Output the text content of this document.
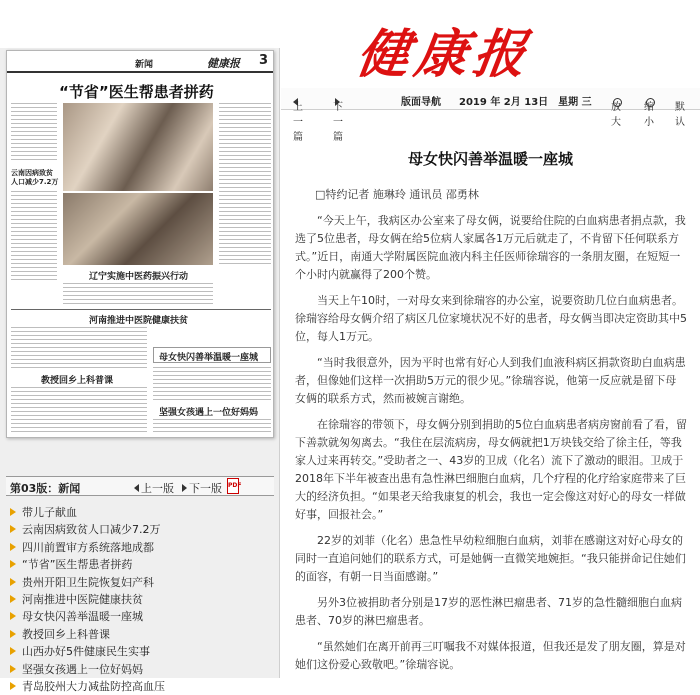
健康报
新闻	健康报 3
“节省”医生帮患者拼药
云南因病致贫人口减少7.2万
辽宁实施中医药振兴行动
河南推进中医院健康扶贫
母女快闪善举温暖一座城
教授回乡上科普课
坚强女孩遇上一位好妈妈
第03版：新闻	上一版	下一版 PDF
带儿子献血
云南因病致贫人口减少7.2万
四川前置审方系统落地成都
“节省”医生帮患者拼药
贵州开阳卫生院恢复妇产科
河南推进中医院健康扶贫
母女快闪善举温暖一座城
教授回乡上科普课
山西办好5件健康民生实事
坚强女孩遇上一位好妈妈
青岛胶州大力减盐防控高血压
上一篇
下一篇
版面导航 2019 年 2月 13日　星期 三 放大
缩小
默认
母女快闪善举温暖一座城
□特约记者 施琳玲 通讯员 邵勇林

“今天上午，我病区办公室来了母女俩，说要给住院的白血病患者捐点款，我选了5位患者，母女俩在给5位病人家属各1万元后就走了，不肯留下任何联系方式。”近日，南通大学附属医院血液内科主任医师徐瑞容的一条朋友圈，在短短一个小时内就赢得了200个赞。

当天上午10时，一对母女来到徐瑞容的办公室，说要资助几位白血病患者。徐瑞容给母女俩介绍了病区几位家境状况不好的患者，母女俩当即决定资助其中5位，每人1万元。

“当时我很意外，因为平时也常有好心人到我们血液科病区捐款资助白血病患者，但像她们这样一次捐助5万元的很少见。”徐瑞容说，他第一反应就是留下母女俩的联系方式，然而被婉言谢绝。

在徐瑞容的带领下，母女俩分别到捐助的5位白血病患者病房窗前看了看，留下善款就匆匆离去。“我住在层流病房，母女俩就把1万块钱交给了徐主任，等我家人过来再转交。”受助者之一、43岁的卫成（化名）流下了激动的眼泪。卫成于2018年下半年被查出患有急性淋巴细胞白血病，几个疗程的化疗给家庭带来了巨大的经济负担。“如果老天给我康复的机会，我也一定会像这对好心的母女一样做好事，回报社会。”

22岁的刘菲（化名）患急性早幼粒细胞白血病，刘菲在感谢这对好心母女的同时一直追问她们的联系方式，可是她俩一直微笑地婉拒。“我只能拼命记住她们的面容，有朝一日当面感谢。”

另外3位被捐助者分别是17岁的恶性淋巴瘤患者、71岁的急性髓细胞白血病患者、70岁的淋巴瘤患者。

“虽然她们在离开前再三叮嘱我不对媒体报道，但我还是发了朋友圈，算是对她们这份爱心致敬吧。”徐瑞容说。
